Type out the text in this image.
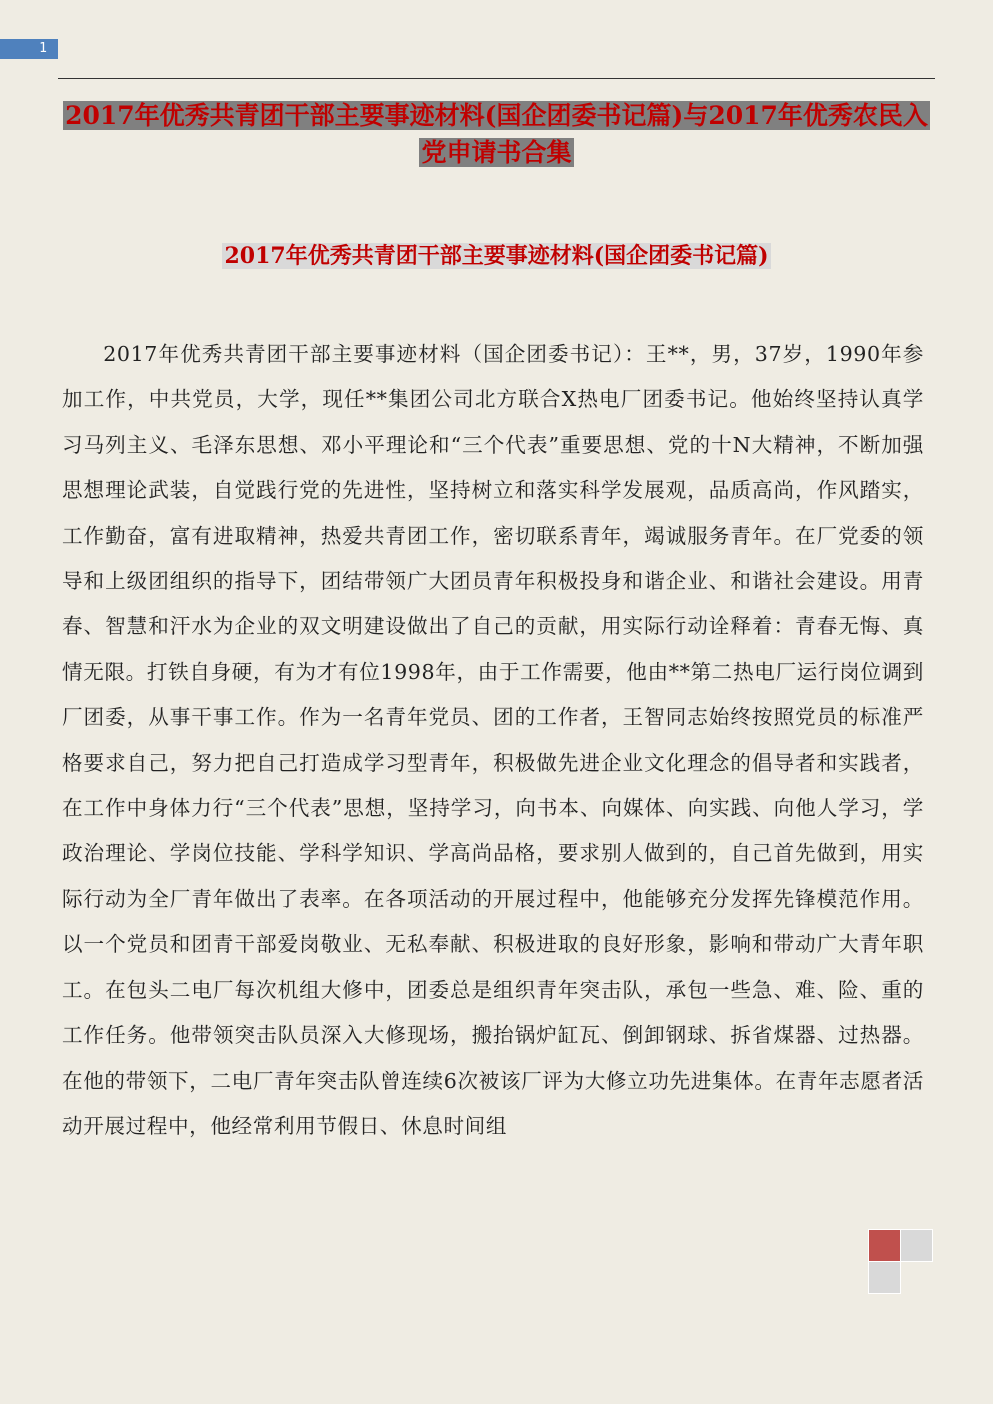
1
2017年优秀共青团干部主要事迹材料(国企团委书记篇)与2017年优秀农民入党申请书合集
2017年优秀共青团干部主要事迹材料(国企团委书记篇)

2017年优秀共青团干部主要事迹材料（国企团委书记）：王**，男，37岁，1990年参加工作，中共党员，大学，现任**集团公司北方联合X热电厂团委书记。他始终坚持认真学习马列主义、毛泽东思想、邓小平理论和“三个代表”重要思想、党的十N大精神，不断加强思想理论武装，自觉践行党的先进性，坚持树立和落实科学发展观，品质高尚，作风踏实，工作勤奋，富有进取精神，热爱共青团工作，密切联系青年，竭诚服务青年。在厂党委的领导和上级团组织的指导下，团结带领广大团员青年积极投身和谐企业、和谐社会建设。用青春、智慧和汗水为企业的双文明建设做出了自己的贡献，用实际行动诠释着：青春无悔、真情无限。打铁自身硬，有为才有位1998年，由于工作需要，他由**第二热电厂运行岗位调到厂团委，从事干事工作。作为一名青年党员、团的工作者，王智同志始终按照党员的标准严格要求自己，努力把自己打造成学习型青年，积极做先进企业文化理念的倡导者和实践者，在工作中身体力行“三个代表”思想，坚持学习，向书本、向媒体、向实践、向他人学习，学政治理论、学岗位技能、学科学知识、学高尚品格，要求别人做到的，自己首先做到，用实际行动为全厂青年做出了表率。在各项活动的开展过程中，他能够充分发挥先锋模范作用。以一个党员和团青干部爱岗敬业、无私奉献、积极进取的良好形象，影响和带动广大青年职工。在包头二电厂每次机组大修中，团委总是组织青年突击队，承包一些急、难、险、重的工作任务。他带领突击队员深入大修现场，搬抬锅炉缸瓦、倒卸钢球、拆省煤器、过热器。在他的带领下，二电厂青年突击队曾连续6次被该厂评为大修立功先进集体。在青年志愿者活动开展过程中，他经常利用节假日、休息时间组
